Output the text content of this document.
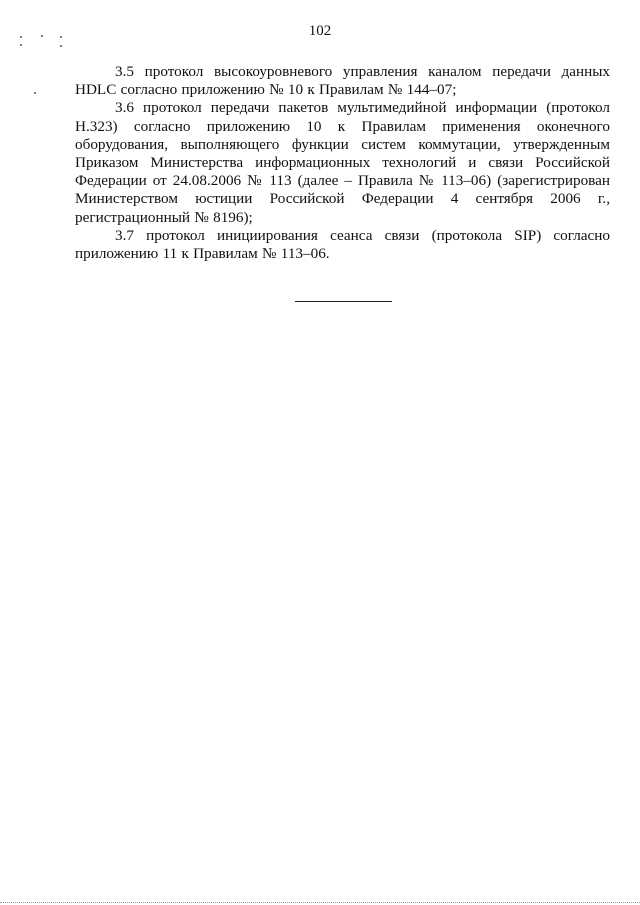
102

3.5 протокол высокоуровневого управления каналом передачи данных HDLC согласно приложению № 10 к Правилам № 144–07;

3.6 протокол передачи пакетов мультимедийной информации (протокол H.323) согласно приложению 10 к Правилам применения оконечного оборудования, выполняющего функции систем коммутации, утвержденным Приказом Министерства информационных технологий и связи Российской Федерации от 24.08.2006 № 113 (далее – Правила № 113–06) (зарегистрирован Министерством юстиции Российской Федерации 4 сентября 2006 г., регистрационный № 8196);

3.7 протокол инициирования сеанса связи (протокола SIP) согласно приложению 11 к Правилам № 113–06.
